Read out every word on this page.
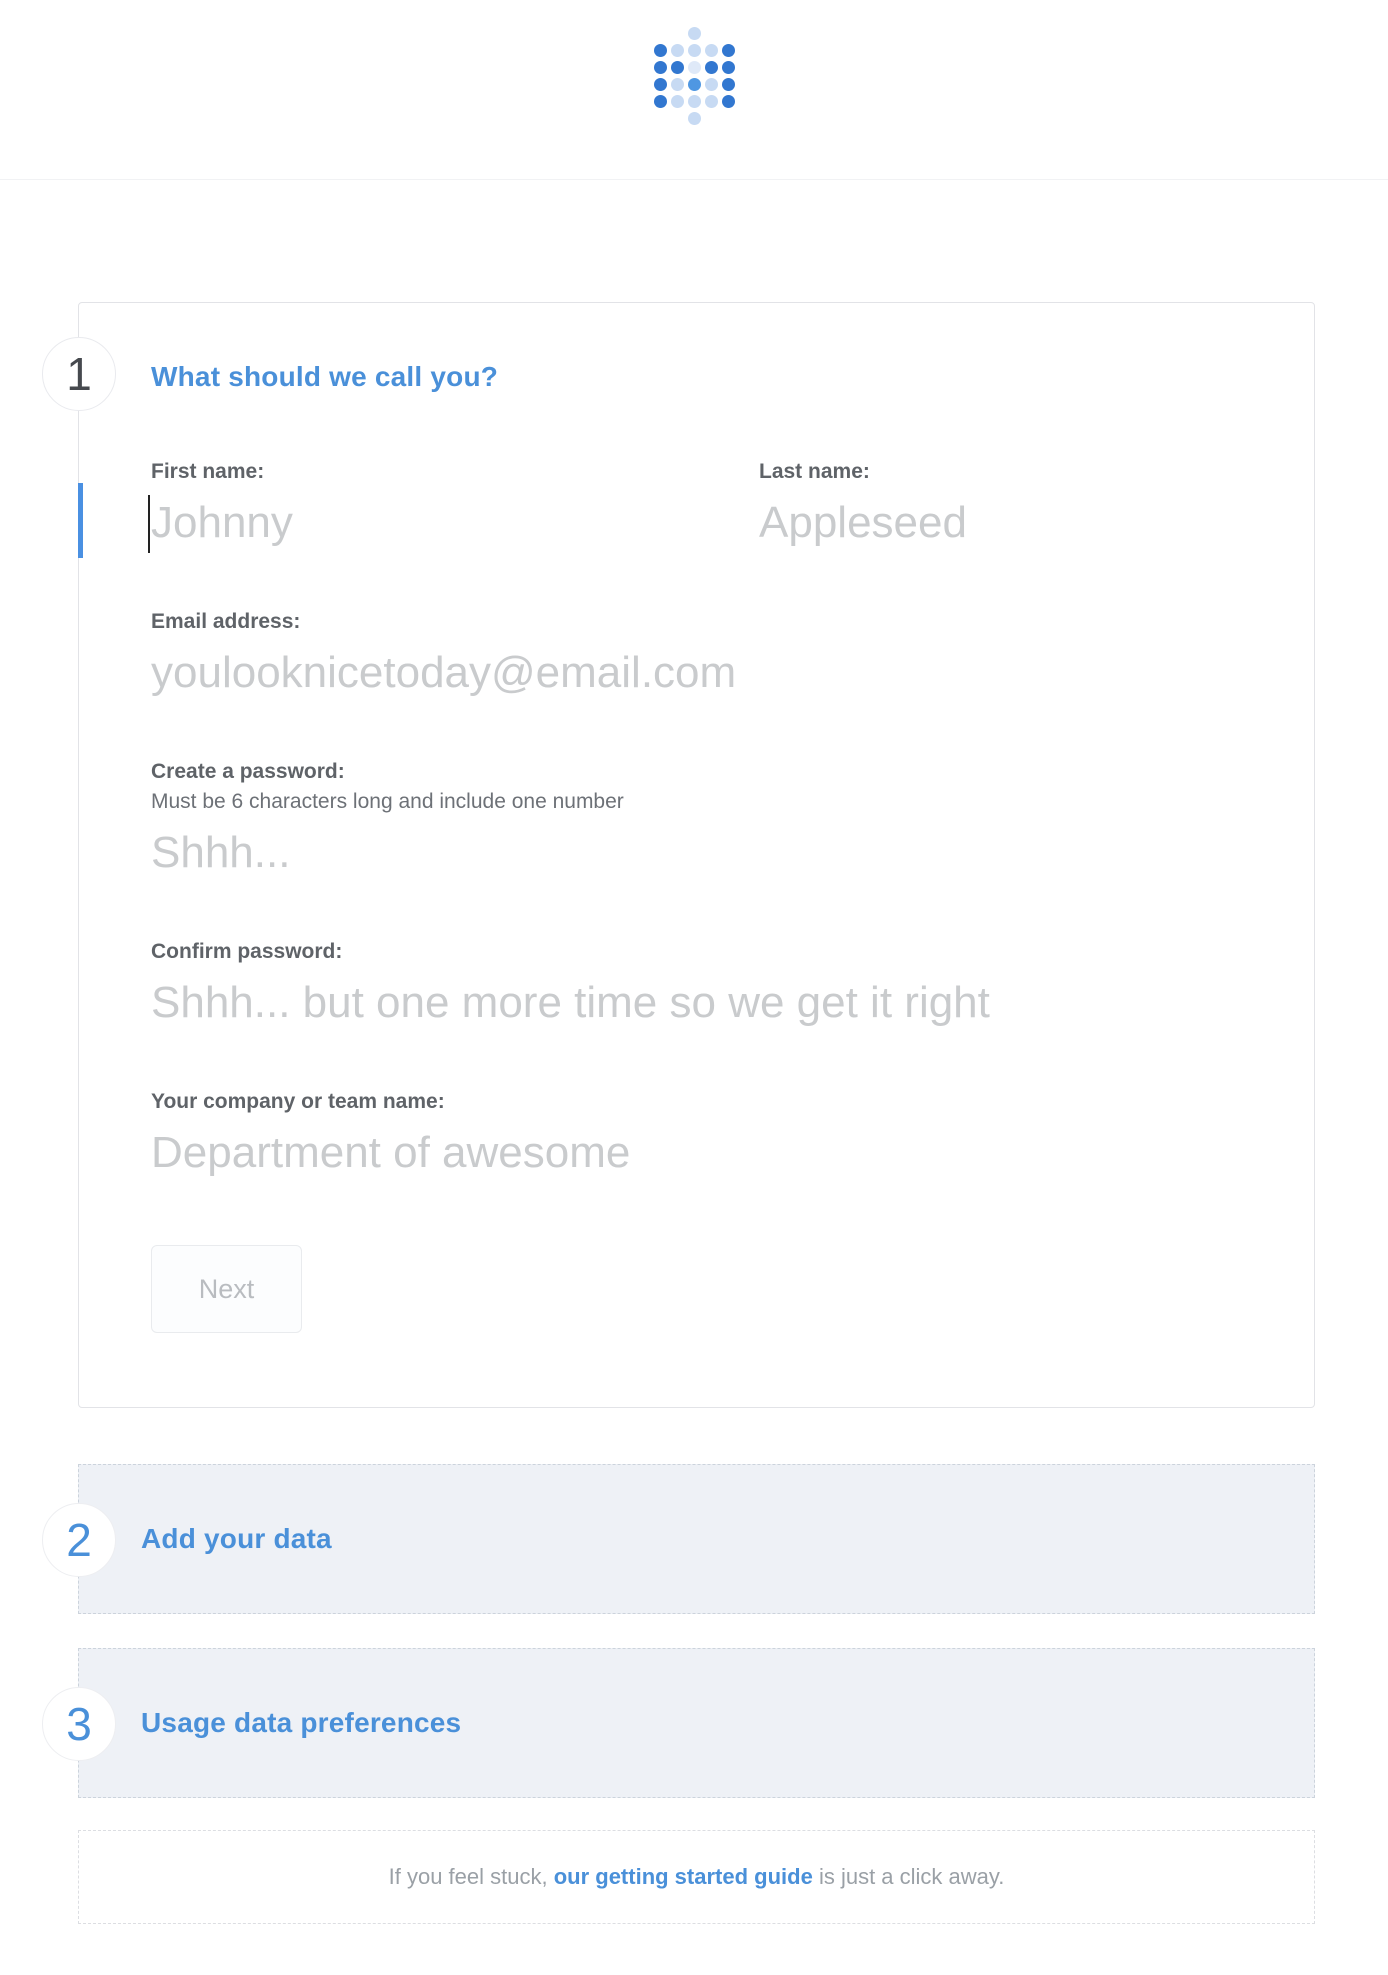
1 What should we call you?
First name:
Johnny	Last name:
Appleseed
Email address:
youlooknicetoday@email.com
Create a password:
Must be 6 characters long and include one number
Shhh...
Confirm password:
Shhh... but one more time so we get it right
Your company or team name:
Department of awesome
Next
2 Add your data
3 Usage data preferences
If you feel stuck, our getting started guide is just a click away.
